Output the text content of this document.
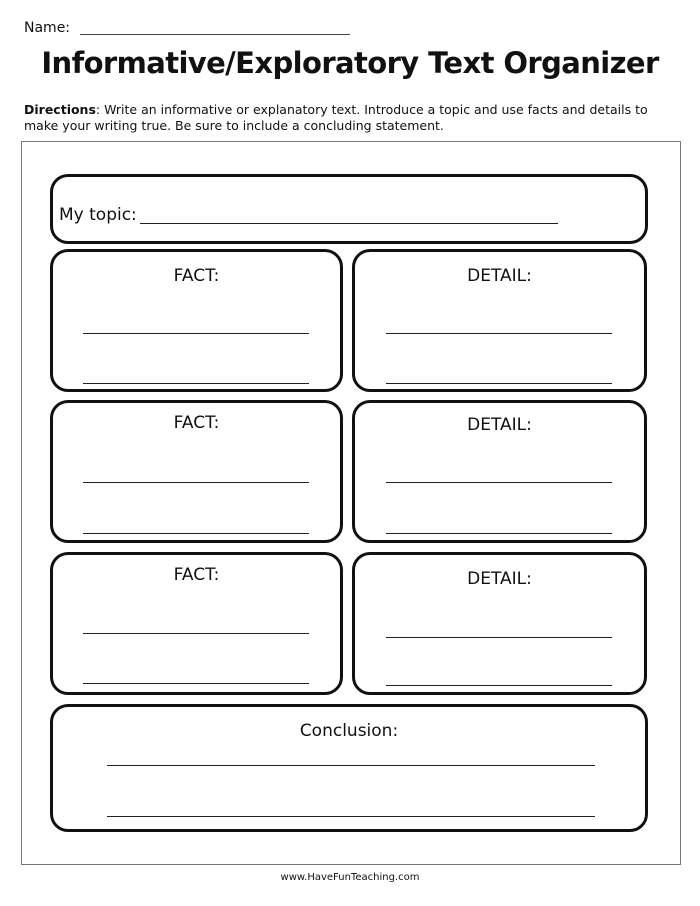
Name:
Informative/Exploratory Text Organizer
Directions: Write an informative or explanatory text. Introduce a topic and use facts and details to make your writing true. Be sure to include a concluding statement.
My topic:
FACT:	DETAIL:
FACT:	DETAIL:
FACT:	DETAIL:
Conclusion:
www.HaveFunTeaching.com
